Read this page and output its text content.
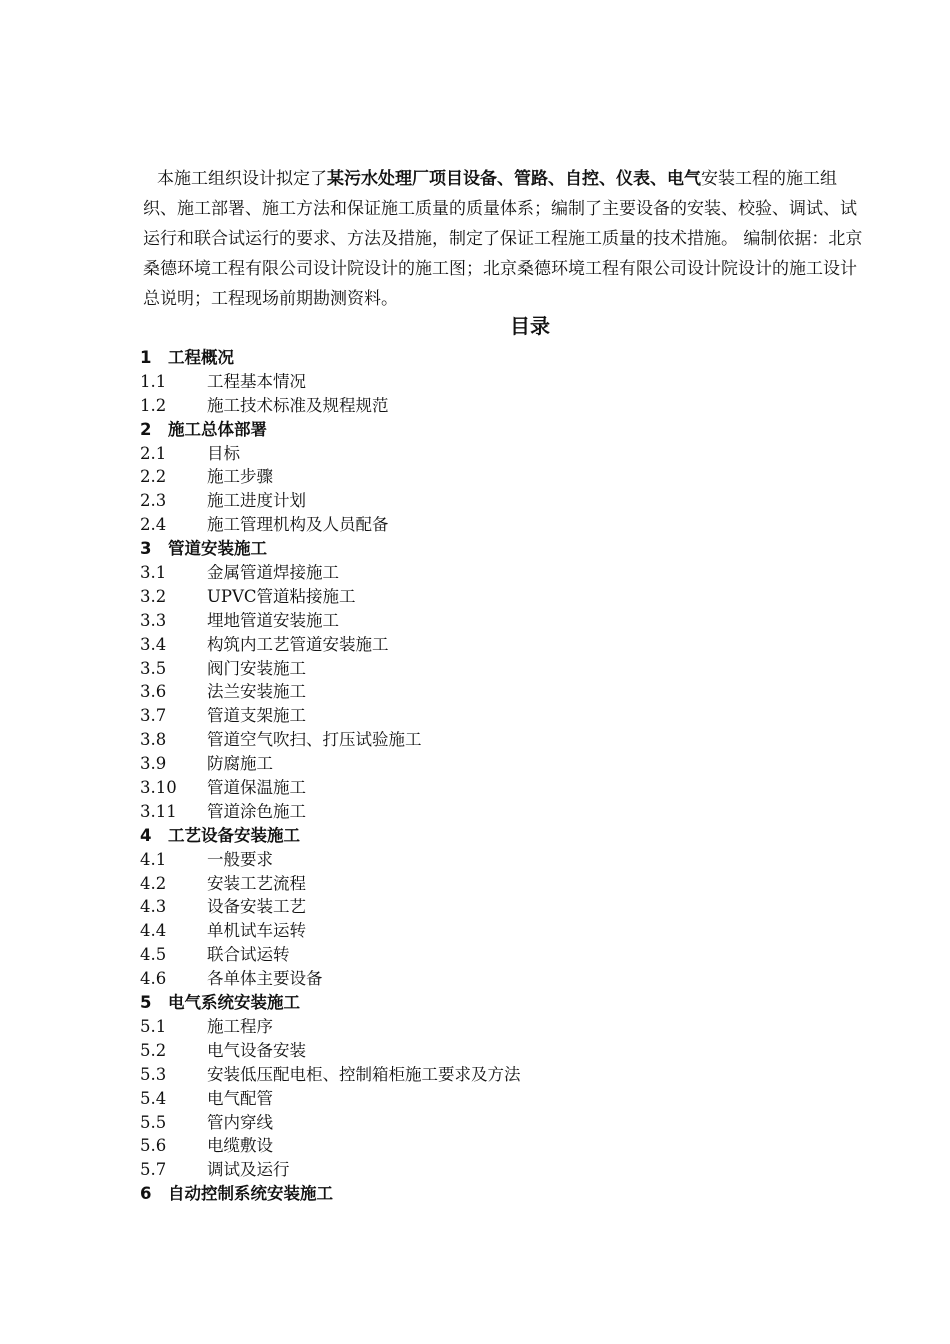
本施工组织设计拟定了某污水处理厂项目设备、管路、自控、仪表、电气安装工程的施工组织、施工部署、施工方法和保证施工质量的质量体系；编制了主要设备的安装、校验、调试、试运行和联合试运行的要求、方法及措施，制定了保证工程施工质量的技术措施。 编制依据：北京桑德环境工程有限公司设计院设计的施工图；北京桑德环境工程有限公司设计院设计的施工设计总说明；工程现场前期勘测资料。

目录
1 工程概况
1.1 工程基本情况
1.2 施工技术标准及规程规范
2 施工总体部署
2.1 目标
2.2 施工步骤
2.3 施工进度计划
2.4 施工管理机构及人员配备
3 管道安装施工
3.1 金属管道焊接施工
3.2 UPVC管道粘接施工
3.3 埋地管道安装施工
3.4 构筑内工艺管道安装施工
3.5 阀门安装施工
3.6 法兰安装施工
3.7 管道支架施工
3.8 管道空气吹扫、打压试验施工
3.9 防腐施工
3.10 管道保温施工
3.11 管道涂色施工
4 工艺设备安装施工
4.1 一般要求
4.2 安装工艺流程
4.3 设备安装工艺
4.4 单机试车运转
4.5 联合试运转
4.6 各单体主要设备
5 电气系统安装施工
5.1 施工程序
5.2 电气设备安装
5.3 安装低压配电柜、控制箱柜施工要求及方法
5.4 电气配管
5.5 管内穿线
5.6 电缆敷设
5.7 调试及运行
6 自动控制系统安装施工
